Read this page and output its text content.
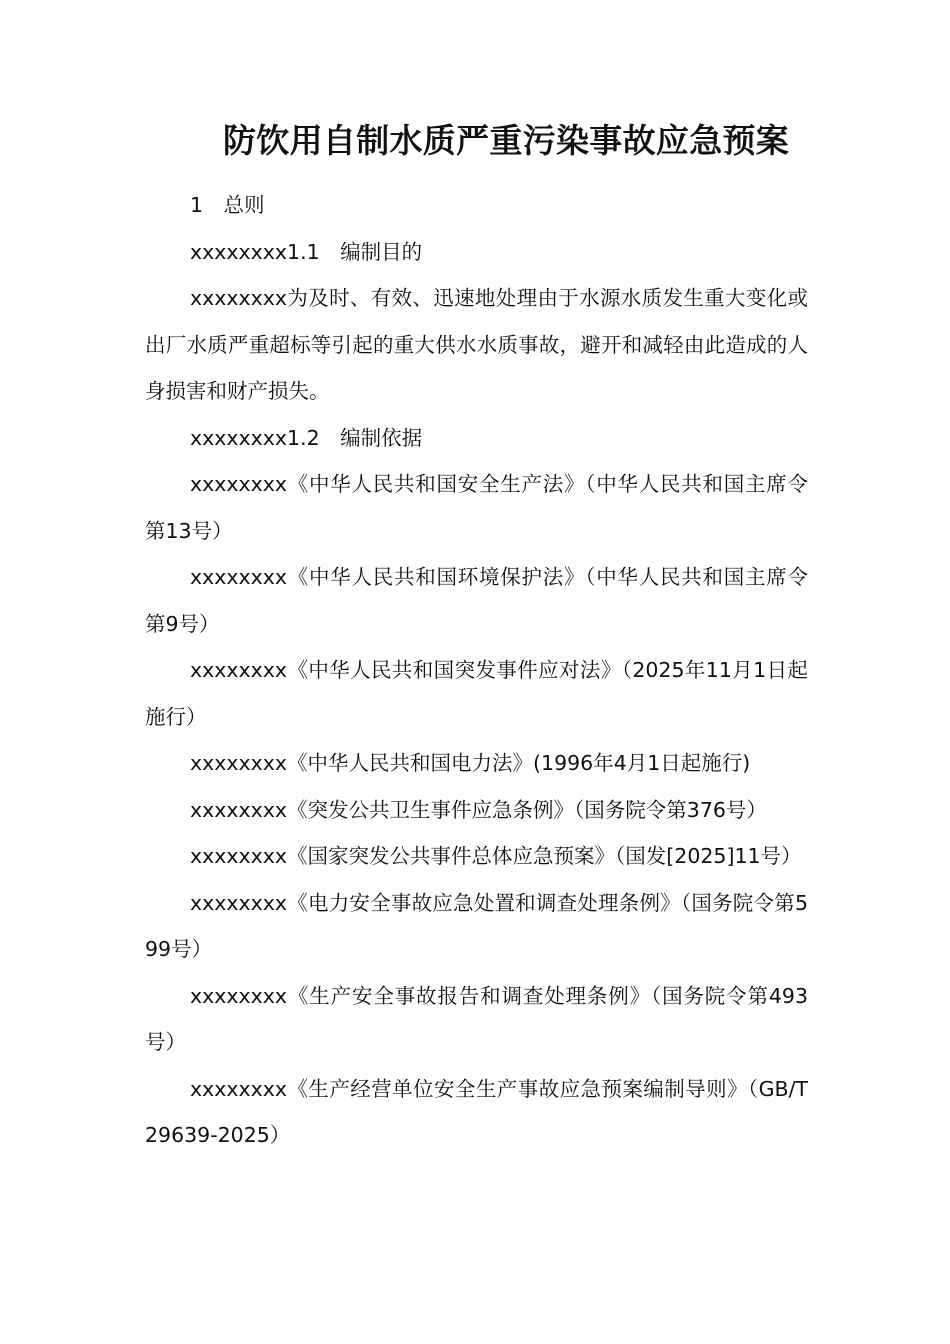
防饮用自制水质严重污染事故应急预案

1　总则

xxxxxxxx1.1　编制目的

xxxxxxxx为及时、有效、迅速地处理由于水源水质发生重大变化或出厂水质严重超标等引起的重大供水水质事故，避开和减轻由此造成的人身损害和财产损失。

xxxxxxxx1.2　编制依据

xxxxxxxx《中华人民共和国安全生产法》（中华人民共和国主席令第13号）

xxxxxxxx《中华人民共和国环境保护法》（中华人民共和国主席令第9号）

xxxxxxxx《中华人民共和国突发事件应对法》（2025年11月1日起施行）

xxxxxxxx《中华人民共和国电力法》(1996年4月1日起施行)

xxxxxxxx《突发公共卫生事件应急条例》（国务院令第376号）

xxxxxxxx《国家突发公共事件总体应急预案》（国发[2025]11号）

xxxxxxxx《电力安全事故应急处置和调查处理条例》（国务院令第599号）

xxxxxxxx《生产安全事故报告和调查处理条例》（国务院令第493号）

xxxxxxxx《生产经营单位安全生产事故应急预案编制导则》（GB/T29639-2025）
